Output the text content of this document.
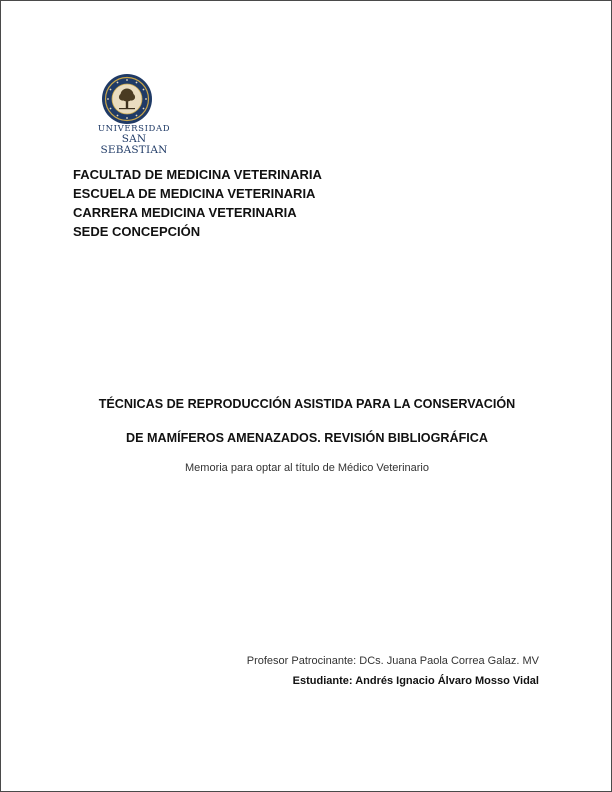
UNIVERSIDAD
SAN SEBASTIAN
FACULTAD DE MEDICINA VETERINARIA
ESCUELA DE MEDICINA VETERINARIA
CARRERA MEDICINA VETERINARIA
SEDE CONCEPCIÓN
TÉCNICAS DE REPRODUCCIÓN ASISTIDA PARA LA CONSERVACIÓN
DE MAMÍFEROS AMENAZADOS. REVISIÓN BIBLIOGRÁFICA
Memoria para optar al título de Médico Veterinario
Profesor Patrocinante: DCs. Juana Paola Correa Galaz. MV
Estudiante: Andrés Ignacio Álvaro Mosso Vidal
